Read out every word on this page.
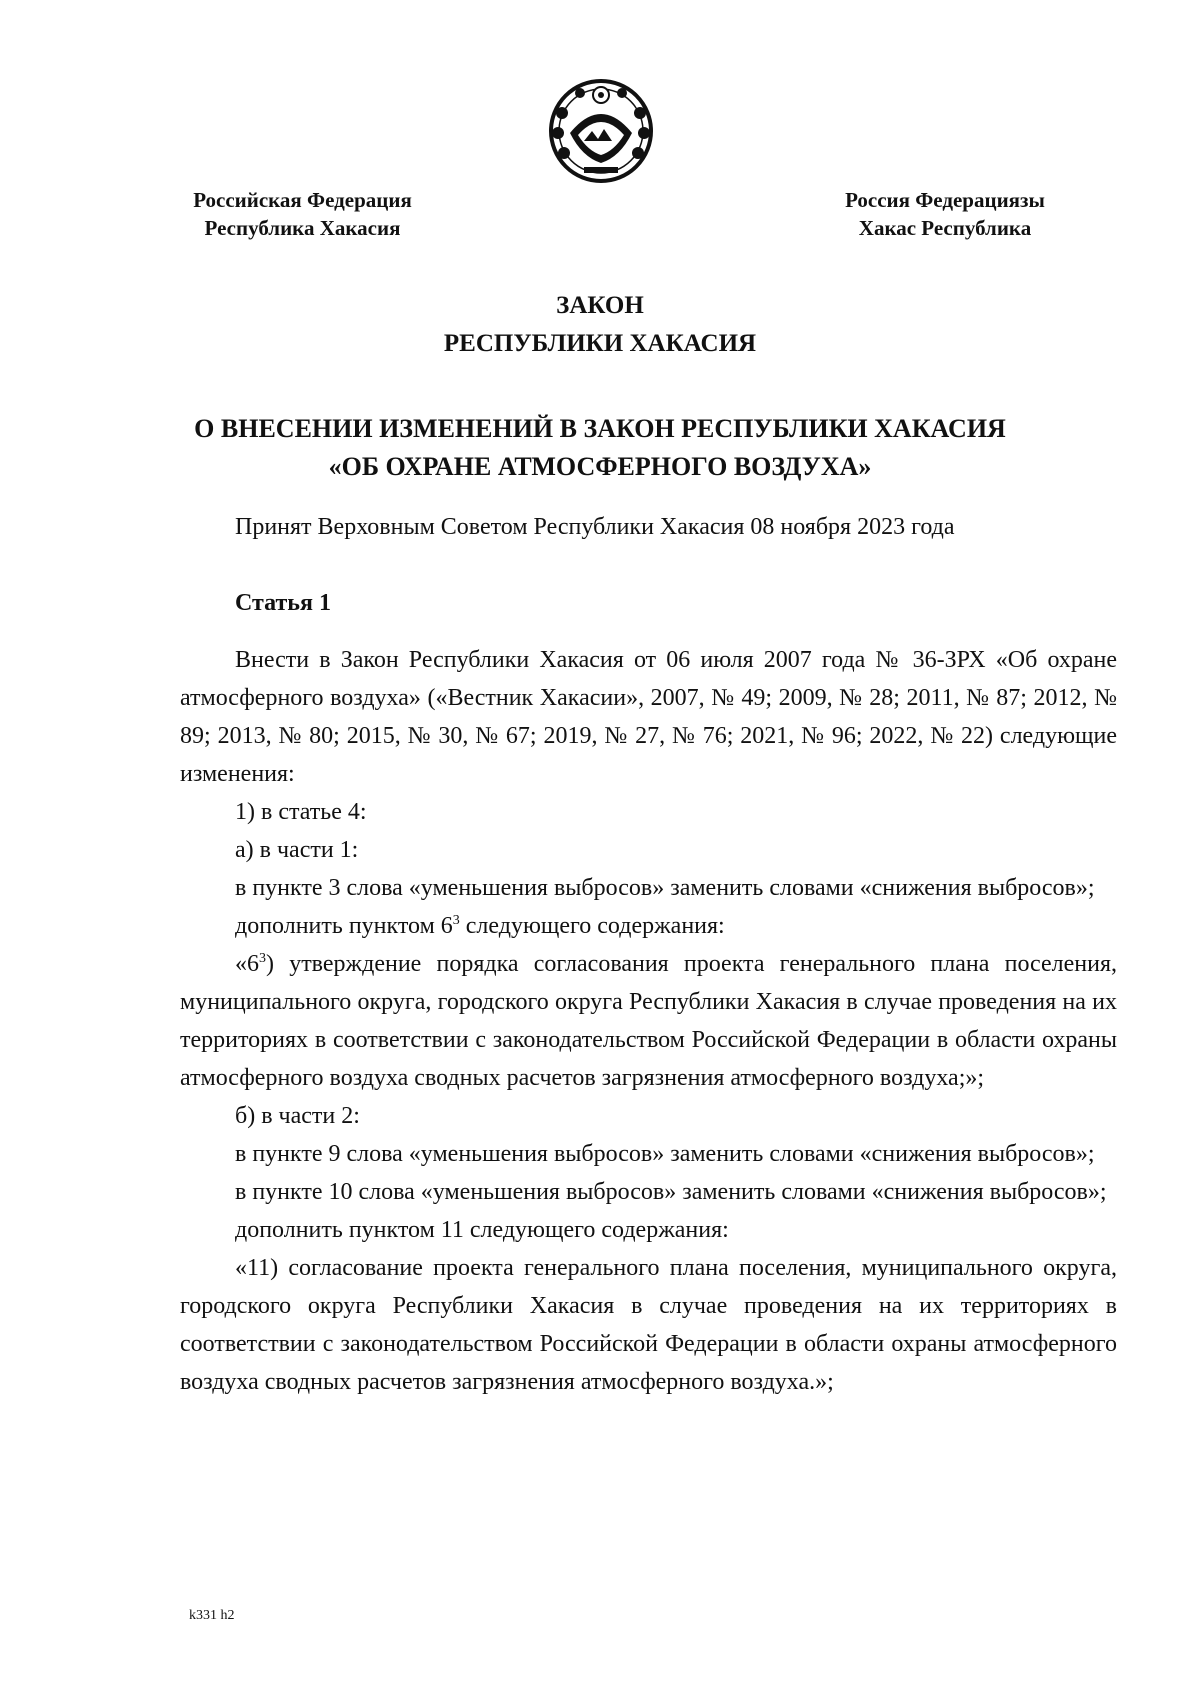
Российская Федерация
Республика Хакасия
Россия Федерациязы
Хакас Республика
ЗАКОН
РЕСПУБЛИКИ ХАКАСИЯ
О ВНЕСЕНИИ ИЗМЕНЕНИЙ В ЗАКОН РЕСПУБЛИКИ ХАКАСИЯ
«ОБ ОХРАНЕ АТМОСФЕРНОГО ВОЗДУХА»
Принят Верховным Советом Республики Хакасия 08 ноября 2023 года
Статья 1

Внести в Закон Республики Хакасия от 06 июля 2007 года № 36-ЗРХ «Об охране атмосферного воздуха» («Вестник Хакасии», 2007, № 49; 2009, № 28; 2011, № 87; 2012, № 89; 2013, № 80; 2015, № 30, № 67; 2019, № 27, № 76; 2021, № 96; 2022, № 22) следующие изменения:

1) в статье 4:

а) в части 1:

в пункте 3 слова «уменьшения выбросов» заменить словами «снижения выбросов»;

дополнить пунктом $6^3$ следующего содержания:

«$6^3$) утверждение порядка согласования проекта генерального плана поселения, муниципального округа, городского округа Республики Хакасия в случае проведения на их территориях в соответствии с законодательством Российской Федерации в области охраны атмосферного воздуха сводных расчетов загрязнения атмосферного воздуха;»;

б) в части 2:

в пункте 9 слова «уменьшения выбросов» заменить словами «снижения выбросов»;

в пункте 10 слова «уменьшения выбросов» заменить словами «снижения выбросов»;

дополнить пунктом 11 следующего содержания:

«11) согласование проекта генерального плана поселения, муниципального округа, городского округа Республики Хакасия в случае проведения на их территориях в соответствии с законодательством Российской Федерации в области охраны атмосферного воздуха сводных расчетов загрязнения атмосферного воздуха.»;

k331 h2
